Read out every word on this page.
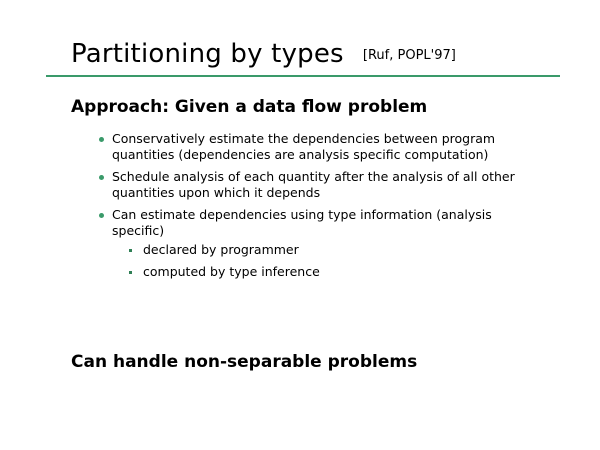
Partitioning by types [Ruf, POPL'97]
Approach: Given a data flow problem
Conservatively estimate the dependencies between program quantities (dependencies are analysis specific computation)
Schedule analysis of each quantity after the analysis of all other quantities upon which it depends
Can estimate dependencies using type information (analysis specific)
declared by programmer
computed by type inference
Can handle non-separable problems
